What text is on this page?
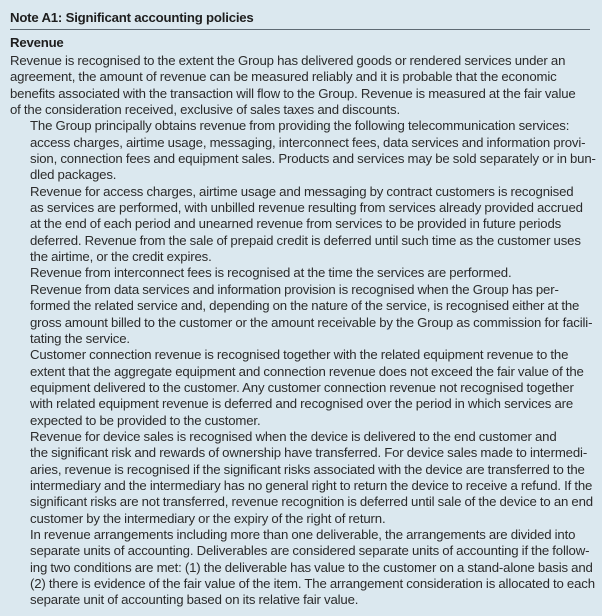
Note A1: Significant accounting policies
Revenue

Revenue is recognised to the extent the Group has delivered goods or rendered services under an
agreement, the amount of revenue can be measured reliably and it is probable that the economic
benefits associated with the transaction will flow to the Group. Revenue is measured at the fair value
of the consideration received, exclusive of sales taxes and discounts.

The Group principally obtains revenue from providing the following telecommunication services:
access charges, airtime usage, messaging, interconnect fees, data services and information provi-
sion, connection fees and equipment sales. Products and services may be sold separately or in bun-
dled packages.

Revenue for access charges, airtime usage and messaging by contract customers is recognised
as services are performed, with unbilled revenue resulting from services already provided accrued
at the end of each period and unearned revenue from services to be provided in future periods
deferred. Revenue from the sale of prepaid credit is deferred until such time as the customer uses
the airtime, or the credit expires.

Revenue from interconnect fees is recognised at the time the services are performed.

Revenue from data services and information provision is recognised when the Group has per-
formed the related service and, depending on the nature of the service, is recognised either at the
gross amount billed to the customer or the amount receivable by the Group as commission for facili-
tating the service.

Customer connection revenue is recognised together with the related equipment revenue to the
extent that the aggregate equipment and connection revenue does not exceed the fair value of the
equipment delivered to the customer. Any customer connection revenue not recognised together
with related equipment revenue is deferred and recognised over the period in which services are
expected to be provided to the customer.

Revenue for device sales is recognised when the device is delivered to the end customer and
the significant risk and rewards of ownership have transferred. For device sales made to intermedi-
aries, revenue is recognised if the significant risks associated with the device are transferred to the
intermediary and the intermediary has no general right to return the device to receive a refund. If the
significant risks are not transferred, revenue recognition is deferred until sale of the device to an end
customer by the intermediary or the expiry of the right of return.

In revenue arrangements including more than one deliverable, the arrangements are divided into
separate units of accounting. Deliverables are considered separate units of accounting if the follow-
ing two conditions are met: (1) the deliverable has value to the customer on a stand-alone basis and
(2) there is evidence of the fair value of the item. The arrangement consideration is allocated to each
separate unit of accounting based on its relative fair value.
